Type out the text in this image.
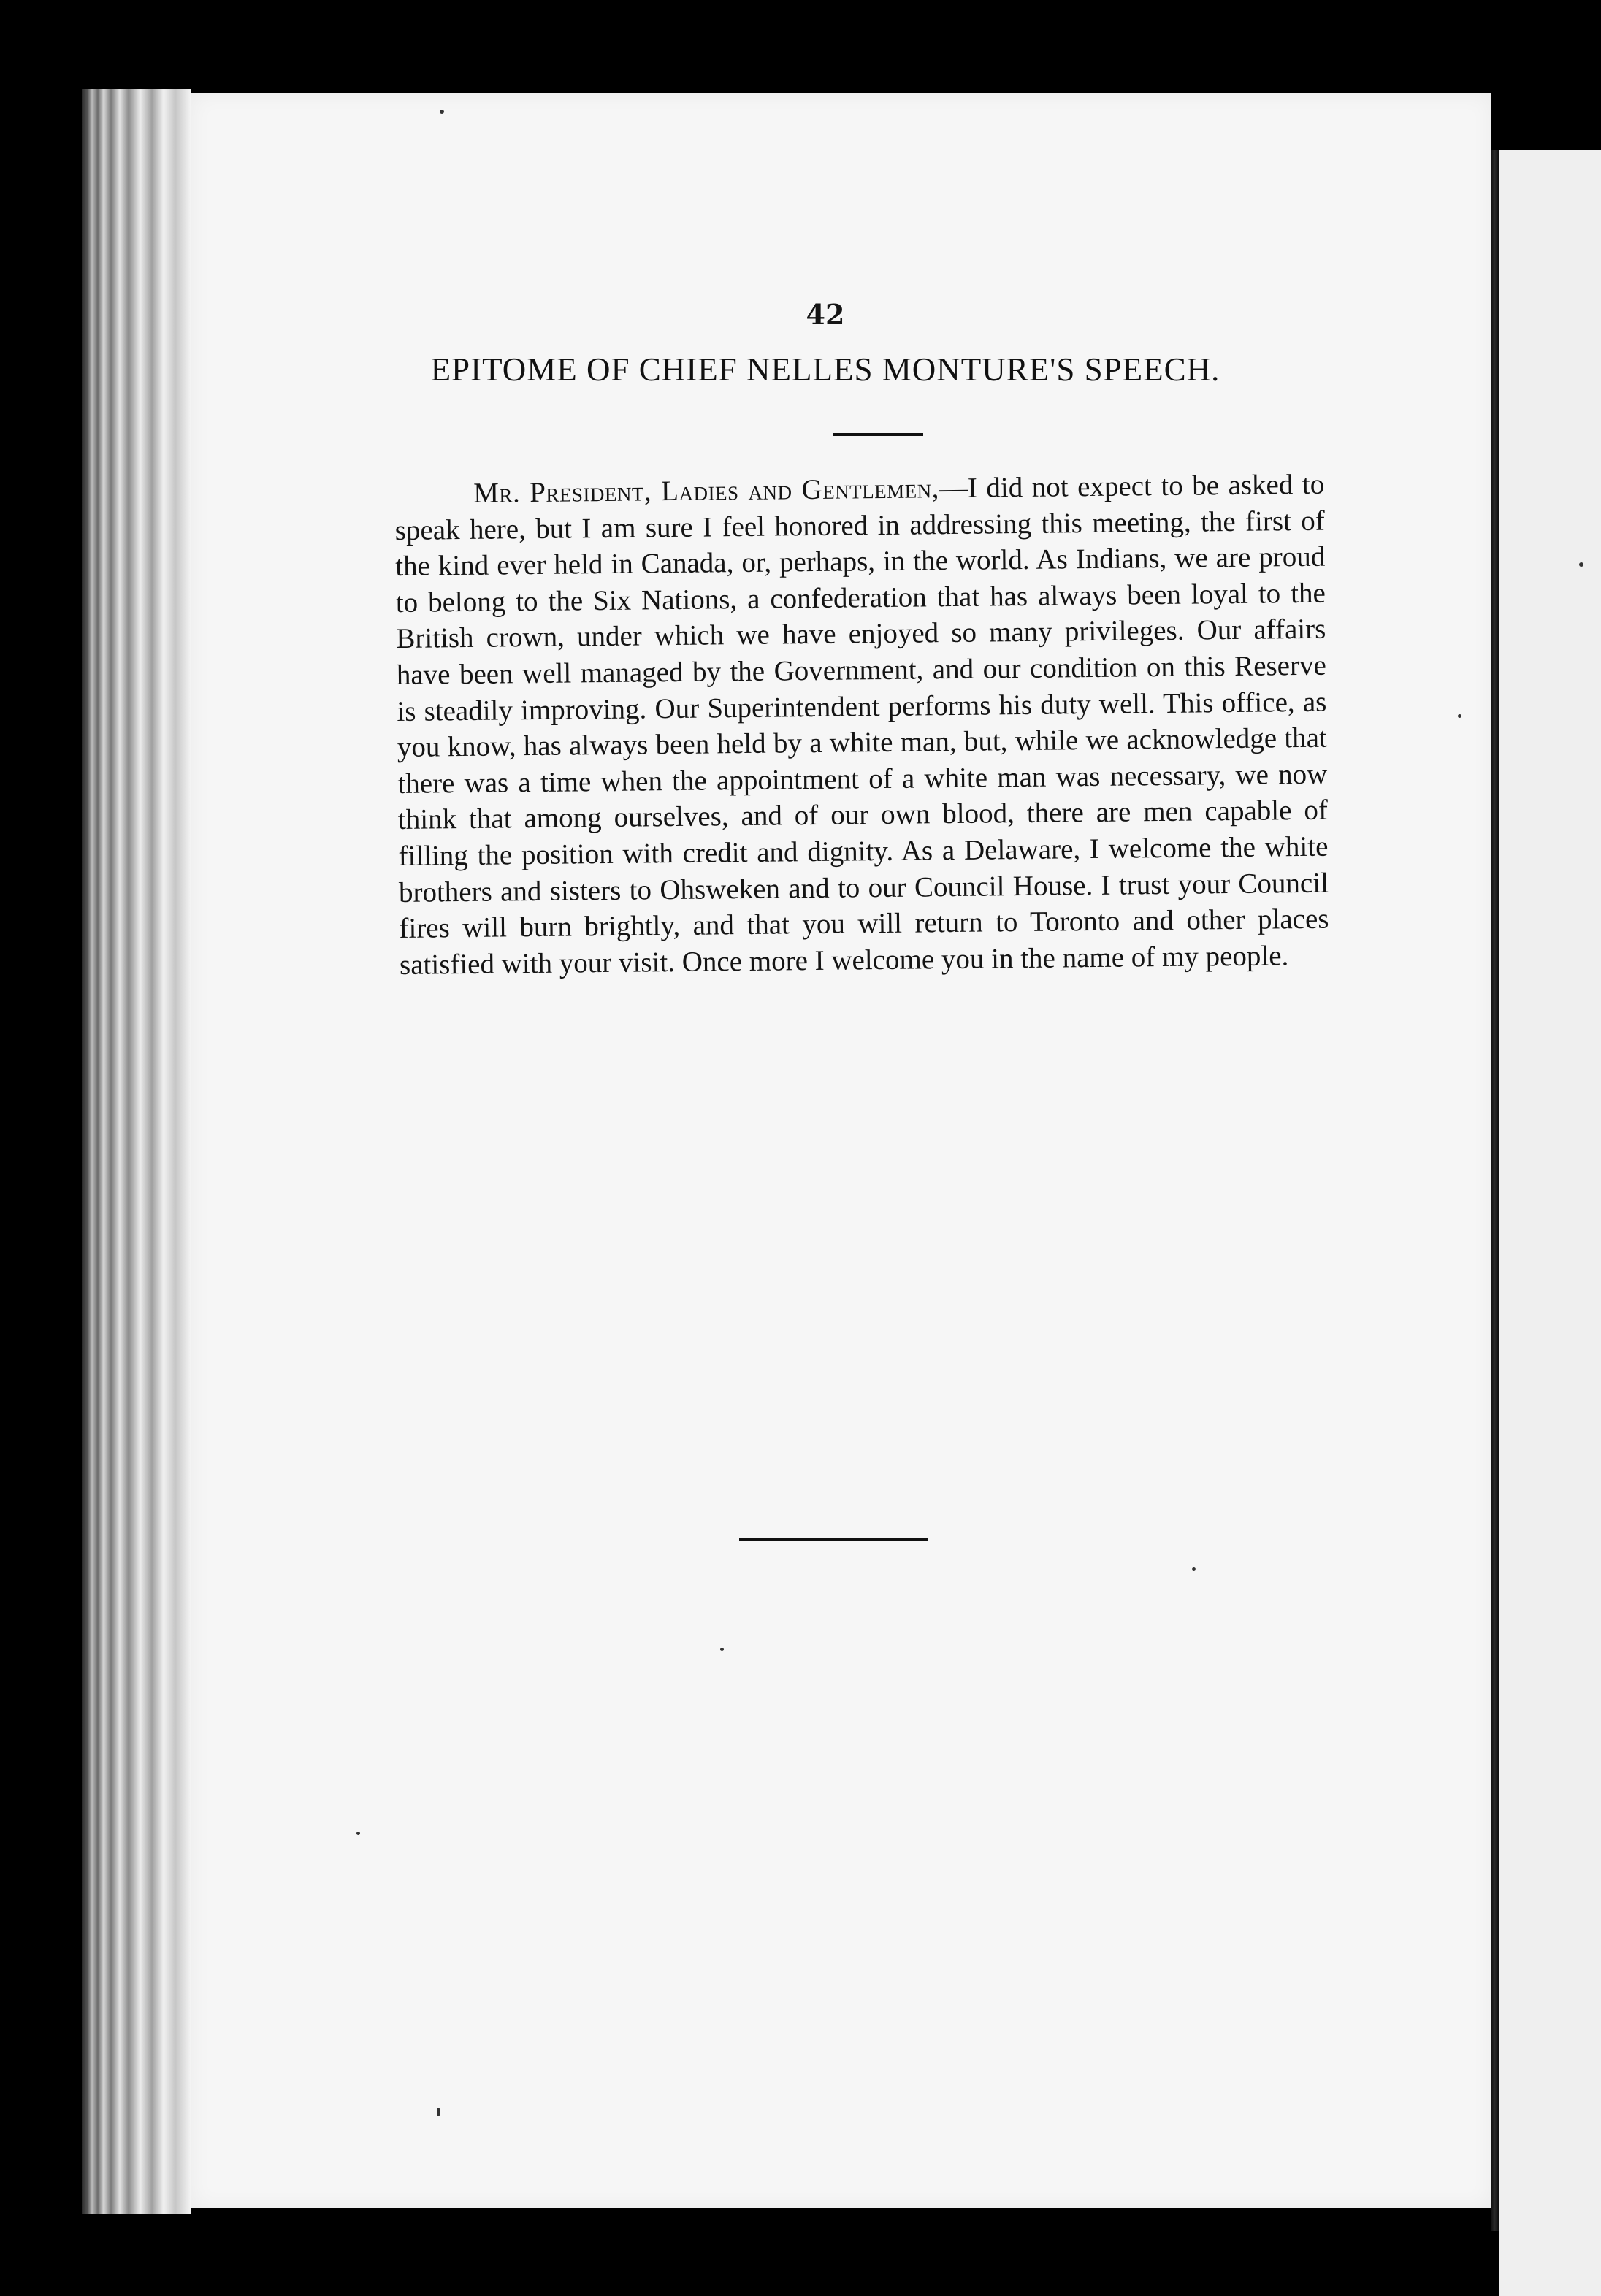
42
EPITOME OF CHIEF NELLES MONTURE'S SPEECH.

Mr. President, Ladies and Gentlemen,—I did not expect to be asked to speak here, but I am sure I feel honored in addressing this meeting, the first of the kind ever held in Canada, or, perhaps, in the world. As Indians, we are proud to belong to the Six Nations, a confederation that has always been loyal to the British crown, under which we have enjoyed so many privileges. Our affairs have been well managed by the Government, and our condition on this Reserve is steadily improving. Our Superintendent performs his duty well. This office, as you know, has always been held by a white man, but, while we acknowledge that there was a time when the appointment of a white man was necessary, we now think that among ourselves, and of our own blood, there are men capable of filling the position with credit and dignity. As a Delaware, I welcome the white brothers and sisters to Ohsweken and to our Council House. I trust your Council fires will burn brightly, and that you will return to Toronto and other places satisfied with your visit. Once more I welcome you in the name of my people.
